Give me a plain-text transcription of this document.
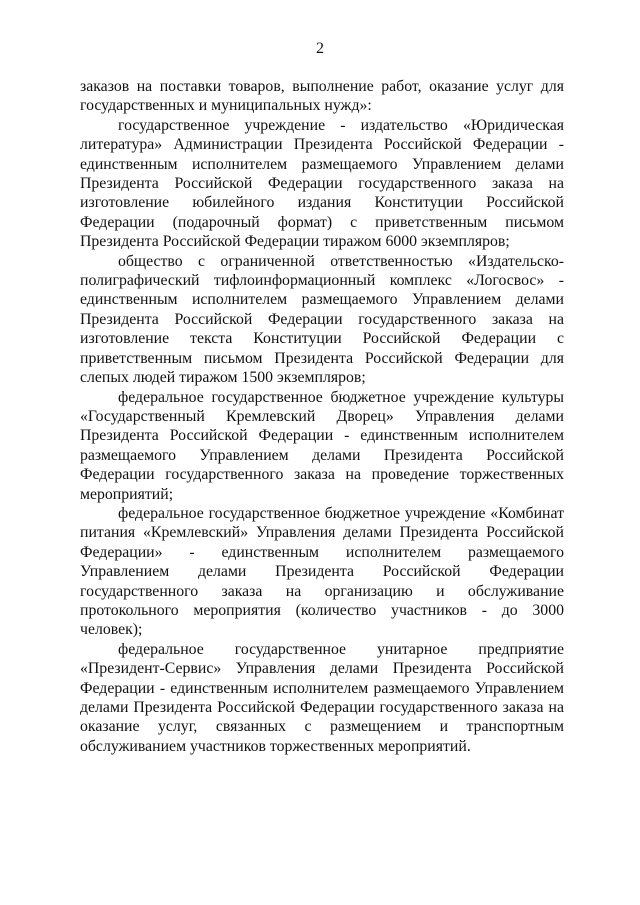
2

заказов на поставки товаров, выполнение работ, оказание услуг для государственных и муниципальных нужд»:

государственное учреждение - издательство «Юридическая литература» Администрации Президента Российской Федерации - единственным исполнителем размещаемого Управлением делами Президента Российской Федерации государственного заказа на изготовление юбилейного издания Конституции Российской Федерации (подарочный формат) с приветственным письмом Президента Российской Федерации тиражом 6000 экземпляров;

общество с ограниченной ответственностью «Издательско- полиграфический тифлоинформационный комплекс «Логосвос» - единственным исполнителем размещаемого Управлением делами Президента Российской Федерации государственного заказа на изготовление текста Конституции Российской Федерации с приветственным письмом Президента Российской Федерации для слепых людей тиражом 1500 экземпляров;

федеральное государственное бюджетное учреждение культуры «Государственный Кремлевский Дворец» Управления делами Президента Российской Федерации - единственным исполнителем размещаемого Управлением делами Президента Российской Федерации государственного заказа на проведение торжественных мероприятий;

федеральное государственное бюджетное учреждение «Комбинат питания «Кремлевский» Управления делами Президента Российской Федерации» - единственным исполнителем размещаемого Управлением делами Президента Российской Федерации государственного заказа на организацию и обслуживание протокольного мероприятия (количество участников - до 3000 человек);

федеральное государственное унитарное предприятие «Президент-Сервис» Управления делами Президента Российской Федерации - единственным исполнителем размещаемого Управлением делами Президента Российской Федерации государственного заказа на оказание услуг, связанных с размещением и транспортным обслуживанием участников торжественных мероприятий.
